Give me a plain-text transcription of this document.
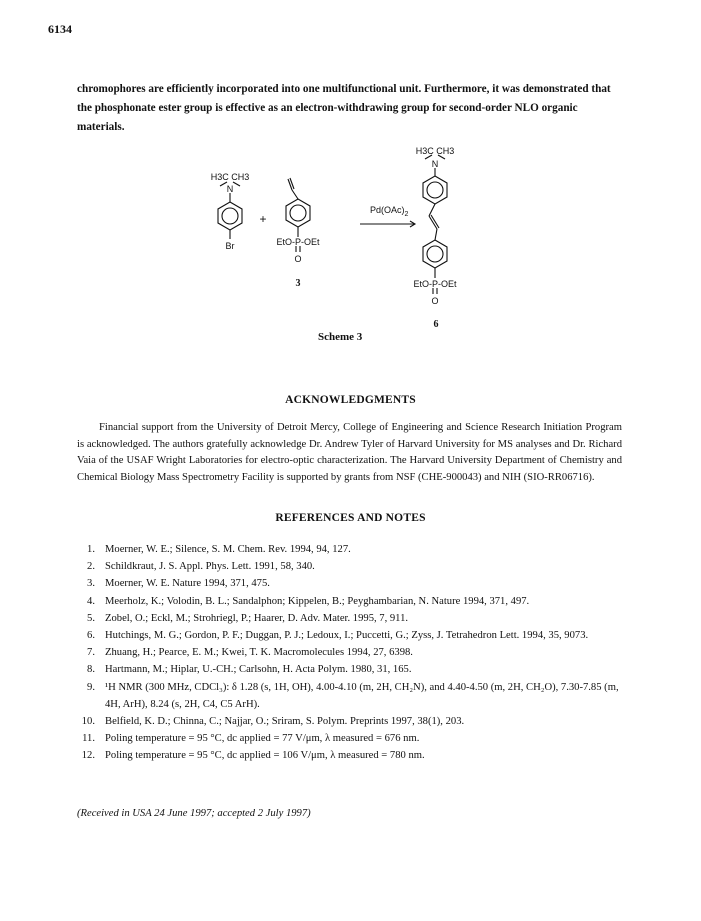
6134

chromophores are efficiently incorporated into one multifunctional unit. Furthermore, it was demonstrated that the phosphonate ester group is effective as an electron-withdrawing group for second-order NLO organic materials.

H3C CH3
N
Br
+
EtO-P-OEt
O
3
$Pd(OAc)_2$
H3C CH3
N
EtO-P-OEt
O
6
Scheme 3
ACKNOWLEDGMENTS

Financial support from the University of Detroit Mercy, College of Engineering and Science Research Initiation Program is acknowledged. The authors gratefully acknowledge Dr. Andrew Tyler of Harvard University for MS analyses and Dr. Richard Vaia of the USAF Wright Laboratories for electro-optic characterization. The Harvard University Department of Chemistry and Chemical Biology Mass Spectrometry Facility is supported by grants from NSF (CHE-900043) and NIH (SIO-RR06716).

REFERENCES AND NOTES
1. Moerner, W. E.; Silence, S. M. Chem. Rev. 1994, 94, 127.
2. Schildkraut, J. S. Appl. Phys. Lett. 1991, 58, 340.
3. Moerner, W. E. Nature 1994, 371, 475.
4. Meerholz, K.; Volodin, B. L.; Sandalphon; Kippelen, B.; Peyghambarian, N. Nature 1994, 371, 497.
5. Zobel, O.; Eckl, M.; Strohriegl, P.; Haarer, D. Adv. Mater. 1995, 7, 911.
6. Hutchings, M. G.; Gordon, P. F.; Duggan, P. J.; Ledoux, I.; Puccetti, G.; Zyss, J. Tetrahedron Lett. 1994, 35, 9073.
7. Zhuang, H.; Pearce, E. M.; Kwei, T. K. Macromolecules 1994, 27, 6398.
8. Hartmann, M.; Hiplar, U.-CH.; Carlsohn, H. Acta Polym. 1980, 31, 165.
9. ¹H NMR (300 MHz, CDCl₃): δ 1.28 (s, 1H, OH), 4.00-4.10 (m, 2H, CH₂N), and 4.40-4.50 (m, 2H, CH₂O), 7.30-7.85 (m, 4H, ArH), 8.24 (s, 2H, C4, C5 ArH).
10. Belfield, K. D.; Chinna, C.; Najjar, O.; Sriram, S. Polym. Preprints 1997, 38(1), 203.
11. Poling temperature = 95 °C, dc applied = 77 V/μm, λ measured = 676 nm.
12. Poling temperature = 95 °C, dc applied = 106 V/μm, λ measured = 780 nm.
(Received in USA 24 June 1997; accepted 2 July 1997)
